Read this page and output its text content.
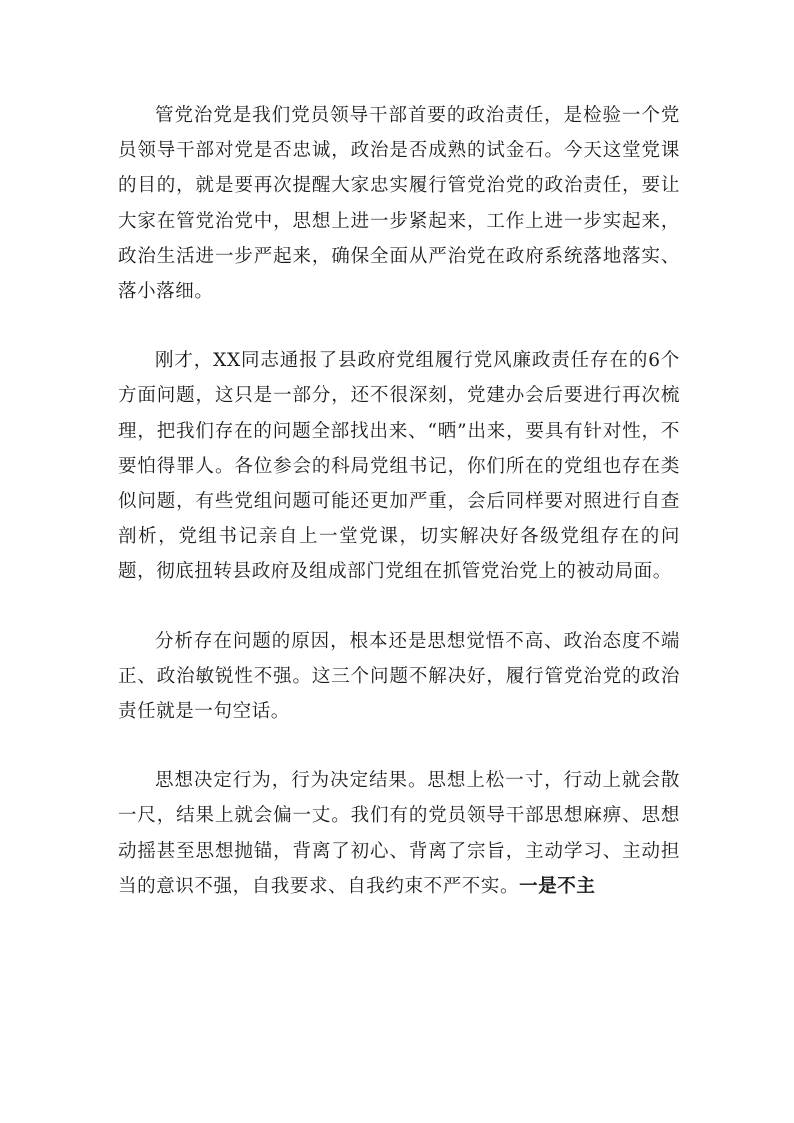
管党治党是我们党员领导干部首要的政治责任，是检验一个党员领导干部对党是否忠诚，政治是否成熟的试金石。今天这堂党课的目的，就是要再次提醒大家忠实履行管党治党的政治责任，要让大家在管党治党中，思想上进一步紧起来，工作上进一步实起来，政治生活进一步严起来，确保全面从严治党在政府系统落地落实、落小落细。

刚才，XX同志通报了县政府党组履行党风廉政责任存在的6个方面问题，这只是一部分，还不很深刻，党建办会后要进行再次梳理，把我们存在的问题全部找出来、“晒”出来，要具有针对性，不要怕得罪人。各位参会的科局党组书记，你们所在的党组也存在类似问题，有些党组问题可能还更加严重，会后同样要对照进行自查剖析，党组书记亲自上一堂党课，切实解决好各级党组存在的问题，彻底扭转县政府及组成部门党组在抓管党治党上的被动局面。

分析存在问题的原因，根本还是思想觉悟不高、政治态度不端正、政治敏锐性不强。这三个问题不解决好，履行管党治党的政治责任就是一句空话。

思想决定行为，行为决定结果。思想上松一寸，行动上就会散一尺，结果上就会偏一丈。我们有的党员领导干部思想麻痹、思想动摇甚至思想抛锚，背离了初心、背离了宗旨，主动学习、主动担当的意识不强，自我要求、自我约束不严不实。一是不主
